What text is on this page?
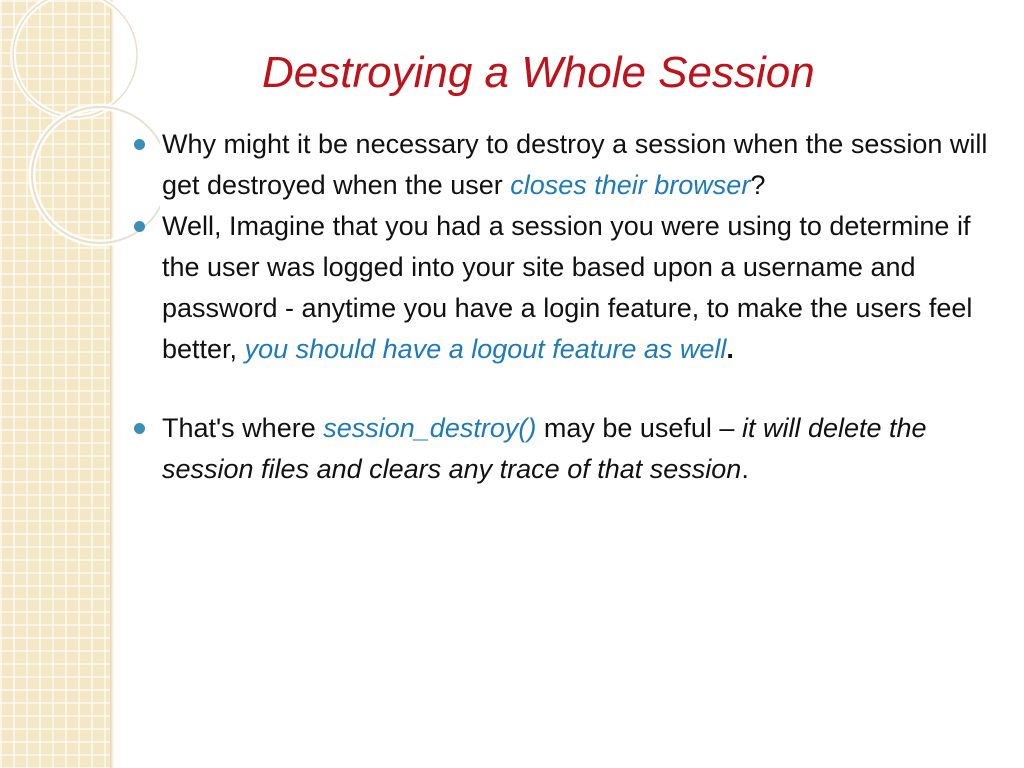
Destroying a Whole Session
Why might it be necessary to destroy a session when the session will get destroyed when the user closes their browser?
Well, Imagine that you had a session you were using to determine if the user was logged into your site based upon a username and password - anytime you have a login feature, to make the users feel better, you should have a logout feature as well.
That's where session_destroy() may be useful – it will delete the session files and clears any trace of that session.
